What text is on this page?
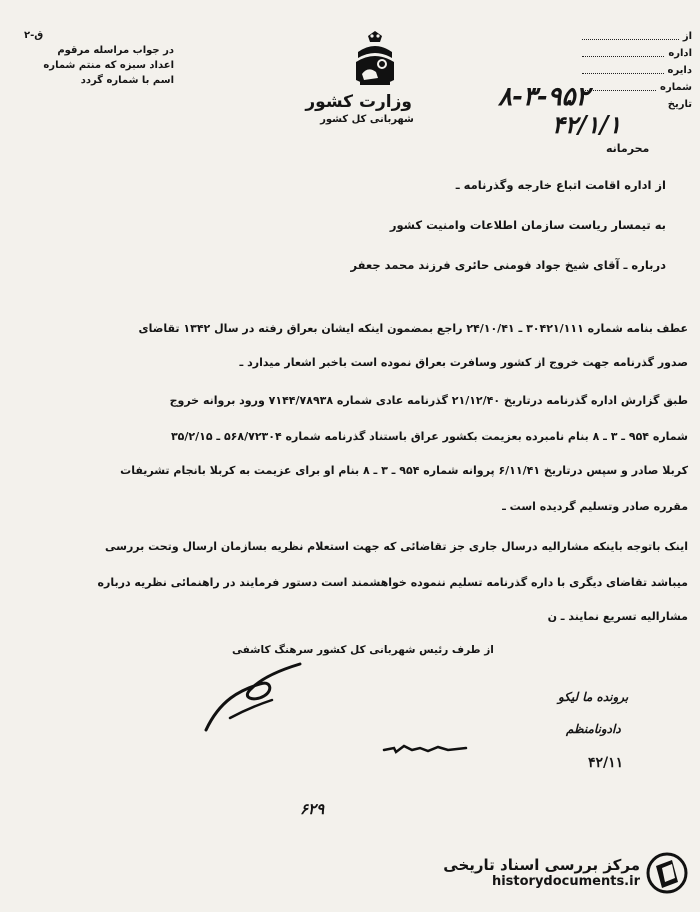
ق-۲
در جواب مراسله مرقوم
اعداد سبزه که منتم شماره
اسم با شماره گردد
وزارت کشور
شهربانی کل کشور
از
اداره
دایره
شماره
تاریخ
۸-۳-۹۵۲
۴۲/۱/۱
محرمانه
از اداره اقامت اتباع خارجه وگذرنامه ـ
به تیمسار ریاست سازمان اطلاعات وامنیت کشور
درباره ـ آقای شیخ جواد فومنی حائری فرزند محمد جعفر
عطف بنامه شماره ۳۰۴۲۱/۱۱۱ ـ ۲۴/۱۰/۴۱ راجع بمضمون اینکه ایشان بعراق رفته در سال ۱۳۴۲ تقاضای
صدور گذرنامه جهت خروج از کشور وسافرت بعراق نموده است باخبر اشعار میدارد ـ
طبق گزارش اداره گذرنامه درتاریخ ۲۱/۱۲/۴۰ گذرنامه عادی شماره ۷۱۴۴/۷۸۹۳۸ ورود بروانه خروج
شماره ۹۵۴ ـ ۳ ـ ۸ بنام نامبرده بعزیمت بکشور عراق باستناد گذرنامه شماره ۵۶۸/۷۲۳۰۴ ـ ۳۵/۲/۱۵
کربلا صادر و سپس درتاریخ ۶/۱۱/۴۱ پروانه شماره ۹۵۴ ـ ۳ ـ ۸ بنام او برای عزیمت به کربلا بانجام تشریفات
مقرره صادر وتسلیم گردیده است ـ
اینک باتوجه باینکه مشارالیه درسال جاری جز تقاضائی که جهت استعلام نظریه بسازمان ارسال وتحت بررسی
میباشد تقاضای دیگری با داره گذرنامه تسلیم ننموده خواهشمند است دستور فرمایند در راهنمائی نظریه درباره
مشارالیه تسریع نمایند ـ ن
از طرف رئیس شهربانی کل کشور سرهنگ کاشفی
برونده ما لیکو
دادونامنظم
۴۲/۱۱
۶۲۹
مرکز بررسی اسناد تاریخی
historydocuments.ir
